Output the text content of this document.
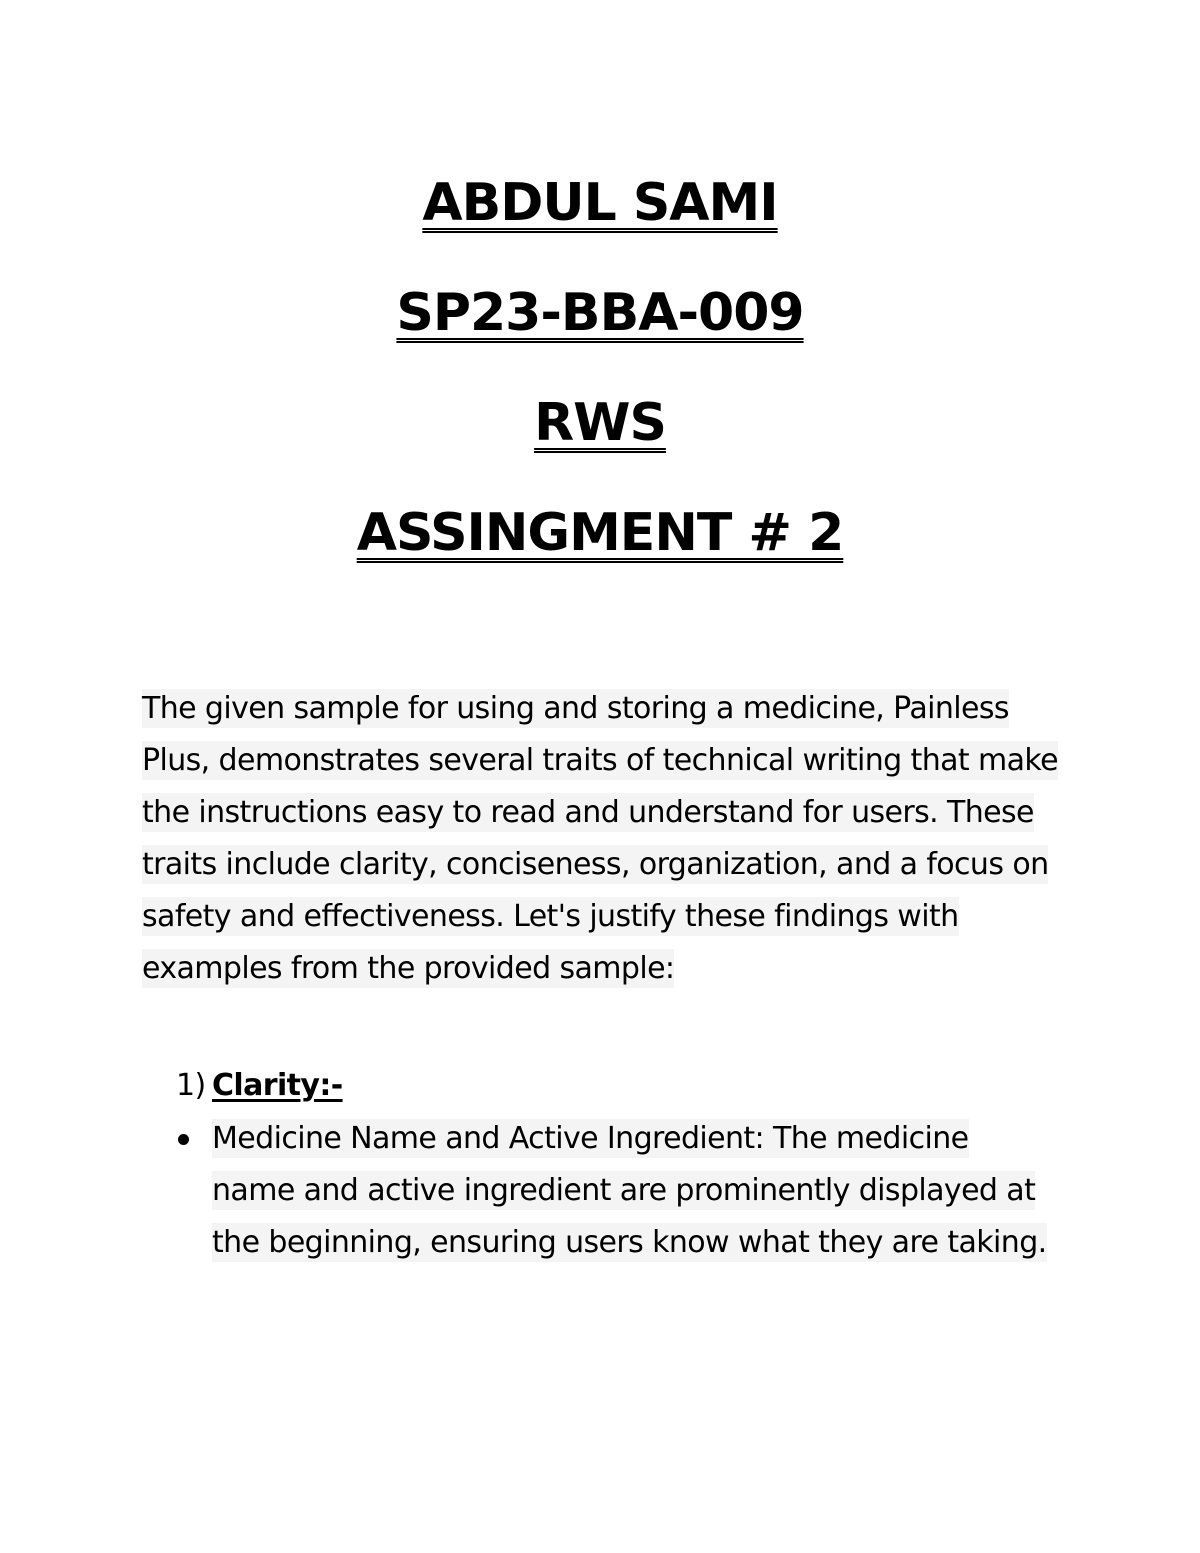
ABDUL SAMI
SP23-BBA-009
RWS
ASSINGMENT # 2
The given sample for using and storing a medicine, Painless Plus, demonstrates several traits of technical writing that make the instructions easy to read and understand for users. These traits include clarity, conciseness, organization, and a focus on safety and effectiveness. Let's justify these findings with examples from the provided sample:
1) Clarity:-
Medicine Name and Active Ingredient: The medicine name and active ingredient are prominently displayed at the beginning, ensuring users know what they are taking.
